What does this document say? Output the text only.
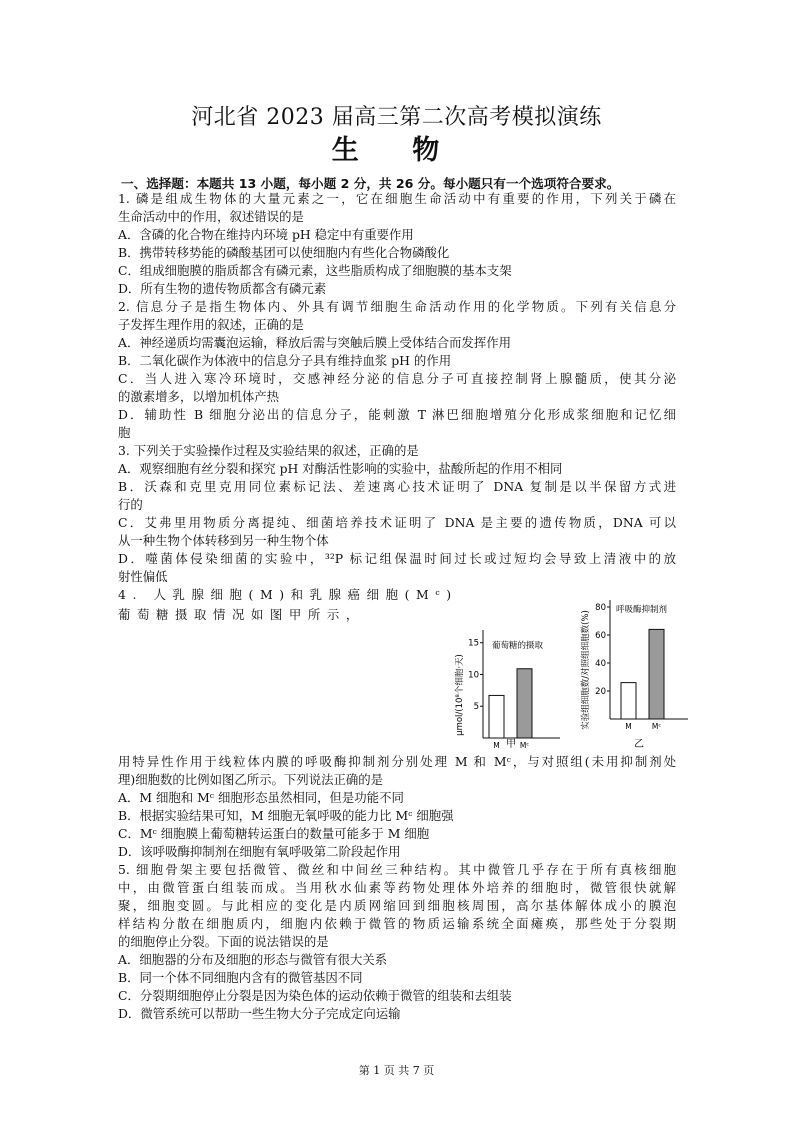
河北省 2023 届高三第二次高考模拟演练
生 物
一、选择题：本题共 13 小题，每小题 2 分，共 26 分。每小题只有一个选项符合要求。
1. 磷是组成生物体的大量元素之一，它在细胞生命活动中有重要的作用，下列关于磷在
生命活动中的作用，叙述错误的是
A．含磷的化合物在维持内环境 pH 稳定中有重要作用
B．携带转移势能的磷酸基团可以使细胞内有些化合物磷酸化
C．组成细胞膜的脂质都含有磷元素，这些脂质构成了细胞膜的基本支架
D．所有生物的遗传物质都含有磷元素
2. 信息分子是指生物体内、外具有调节细胞生命活动作用的化学物质。下列有关信息分
子发挥生理作用的叙述，正确的是
A．神经递质均需囊泡运输，释放后需与突触后膜上受体结合而发挥作用
B．二氧化碳作为体液中的信息分子具有维持血浆 pH 的作用
C．当人进入寒冷环境时，交感神经分泌的信息分子可直接控制肾上腺髓质，使其分泌
的激素增多，以增加机体产热
D．辅助性 B 细胞分泌出的信息分子，能刺激 T 淋巴细胞增殖分化形成浆细胞和记忆细
胞
3. 下列关于实验操作过程及实验结果的叙述，正确的是
A．观察细胞有丝分裂和探究 pH 对酶活性影响的实验中，盐酸所起的作用不相同
B．沃森和克里克用同位素标记法、差速离心技术证明了 DNA 复制是以半保留方式进
行的
C．艾弗里用物质分离提纯、细菌培养技术证明了 DNA 是主要的遗传物质，DNA 可以
从一种生物个体转移到另一种生物个体
D．噬菌体侵染细菌的实验中，³²P 标记组保温时间过长或过短均会导致上清液中的放
射性偏低
4. 人乳腺细胞(M)和乳腺癌细胞(Mᶜ)
葡萄糖摄取情况如图甲所示，
用特异性作用于线粒体内膜的呼吸酶抑制剂分别处理 M 和 Mᶜ，与对照组(未用抑制剂处
理)细胞数的比例如图乙所示。下列说法正确的是
A．M 细胞和 Mᶜ 细胞形态虽然相同，但是功能不同
B．根据实验结果可知，M 细胞无氧呼吸的能力比 Mᶜ 细胞强
C．Mᶜ 细胞膜上葡萄糖转运蛋白的数量可能多于 M 细胞
D．该呼吸酶抑制剂在细胞有氧呼吸第二阶段起作用
5. 细胞骨架主要包括微管、微丝和中间丝三种结构。其中微管几乎存在于所有真核细胞
中，由微管蛋白组装而成。当用秋水仙素等药物处理体外培养的细胞时，微管很快就解
聚，细胞变圆。与此相应的变化是内质网缩回到细胞核周围，高尔基体解体成小的膜泡
样结构分散在细胞质内，细胞内依赖于微管的物质运输系统全面瘫痪，那些处于分裂期
的细胞停止分裂。下面的说法错误的是
A．细胞器的分布及细胞的形态与微管有很大关系
B．同一个体不同细胞内含有的微管基因不同
C．分裂期细胞停止分裂是因为染色体的运动依赖于微管的组装和去组装
D．微管系统可以帮助一些生物大分子完成定向运输
μmol/(10⁸个细胞·天)
葡萄糖的摄取
甲
5
10
15
M	Mᶜ
实验组细胞数/对照组细胞数(%)
呼吸酶抑制剂
乙
20
40
60
80
M	Mᶜ
第 1 页 共 7 页
